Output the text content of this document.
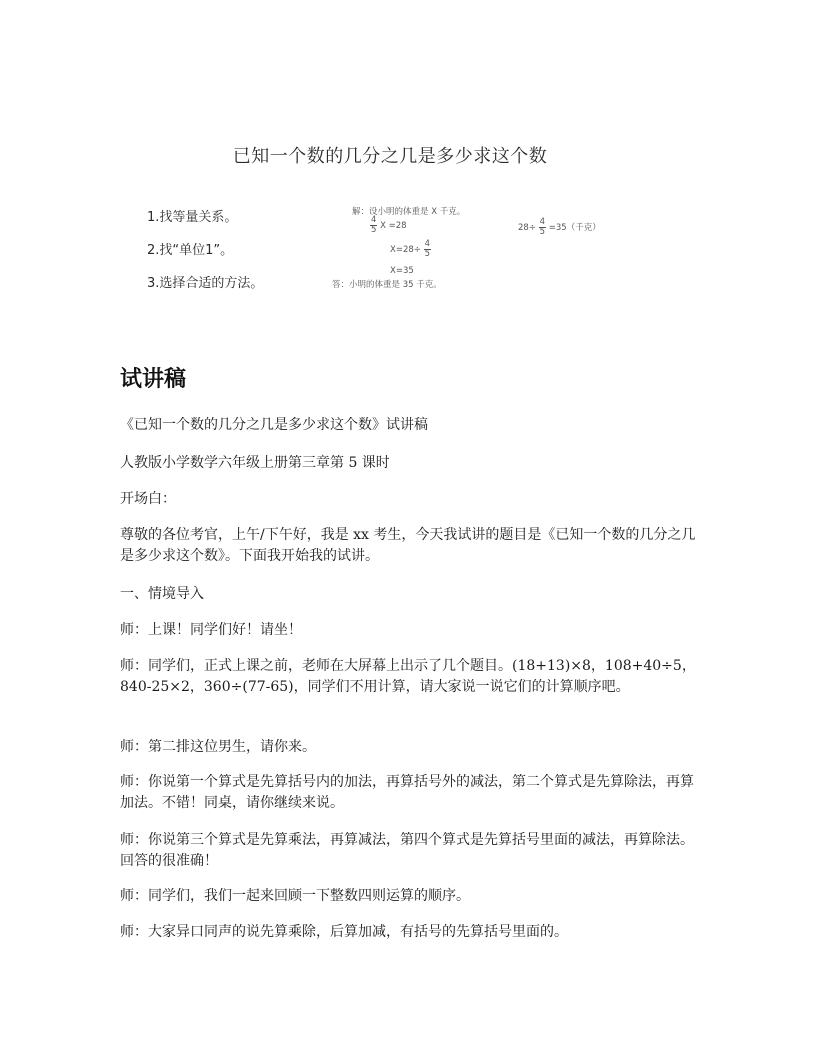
已知一个数的几分之几是多少求这个数
1.找等量关系。
2.找“单位1”。
3.选择合适的方法。
解：设小明的体重是 X 千克。
$\frac{4}{5}$ X =28
$X=28\div \frac{4}{5}$
X=35
答：小明的体重是 35 千克。
$28\div \frac{4}{5} =35$（千克）
试讲稿

《已知一个数的几分之几是多少求这个数》试讲稿

人教版小学数学六年级上册第三章第 5 课时

开场白：

尊敬的各位考官，上午/下午好，我是 xx 考生，今天我试讲的题目是《已知一个数的几分之几是多少求这个数》。下面我开始我的试讲。

一、情境导入

师：上课！同学们好！请坐！

师：同学们，正式上课之前，老师在大屏幕上出示了几个题目。(18+13)×8，108+40÷5，840-25×2，360÷(77-65)，同学们不用计算，请大家说一说它们的计算顺序吧。

师：第二排这位男生，请你来。

师：你说第一个算式是先算括号内的加法，再算括号外的减法，第二个算式是先算除法，再算加法。不错！同桌，请你继续来说。

师：你说第三个算式是先算乘法，再算减法，第四个算式是先算括号里面的减法，再算除法。回答的很准确！

师：同学们，我们一起来回顾一下整数四则运算的顺序。

师：大家异口同声的说先算乘除，后算加减，有括号的先算括号里面的。
